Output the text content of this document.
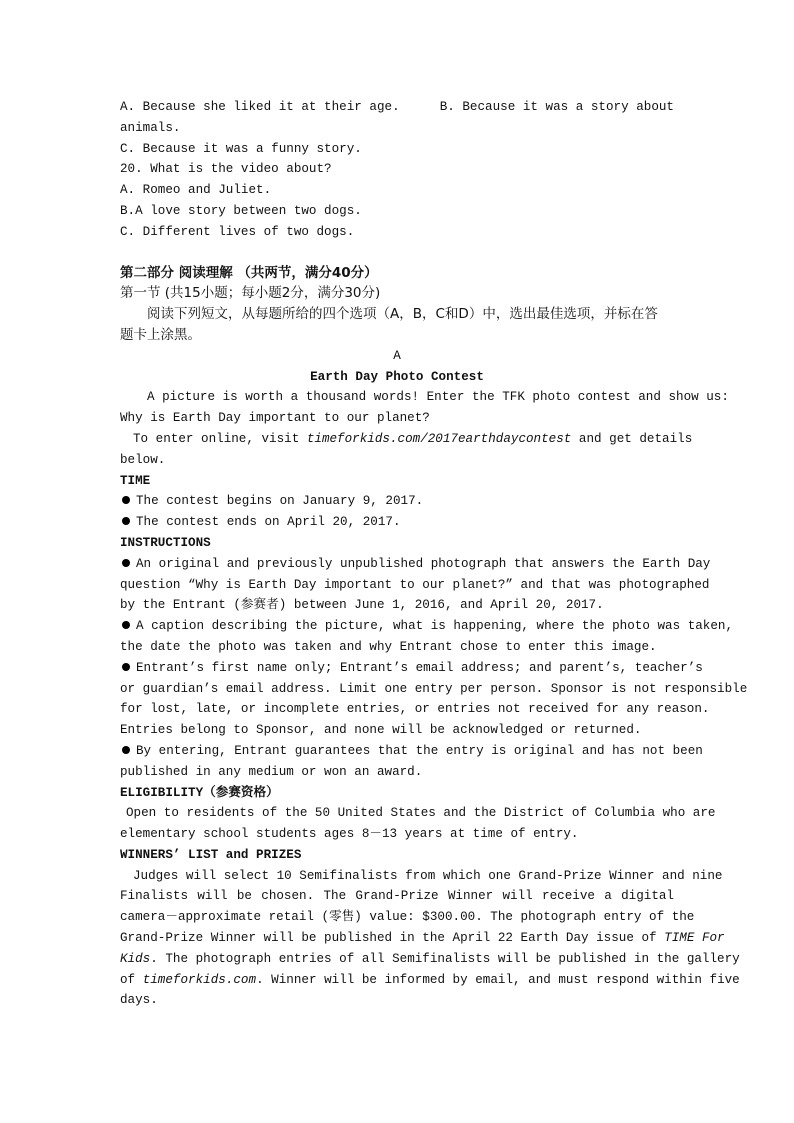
A. Because she liked it at their age.	B. Because it was a story about
animals.
C. Because it was a funny story.
20. What is the video about?
A. Romeo and Juliet.
B.A love story between two dogs.
C. Different lives of two dogs.
第二部分 阅读理解 （共两节，满分40分）
第一节 (共15小题；每小题2分，满分30分)
阅读下列短文，从每题所给的四个选项（A，B，C和D）中，选出最佳选项，并标在答
题卡上涂黑。
A
Earth Day Photo Contest
A picture is worth a thousand words! Enter the TFK photo contest and show us:
Why is Earth Day important to our planet?
To enter online, visit timeforkids.com/2017earthdaycontest and get details
below.
TIME
The contest begins on January 9, 2017.
The contest ends on April 20, 2017.
INSTRUCTIONS
An original and previously unpublished photograph that answers the Earth Day
question “Why is Earth Day important to our planet?” and that was photographed
by the Entrant (参赛者) between June 1, 2016, and April 20, 2017.
A caption describing the picture, what is happening, where the photo was taken,
the date the photo was taken and why Entrant chose to enter this image.
Entrant’s first name only; Entrant’s email address; and parent’s, teacher’s
or guardian’s email address. Limit one entry per person. Sponsor is not responsible
for lost, late, or incomplete entries, or entries not received for any reason.
Entries belong to Sponsor, and none will be acknowledged or returned.
By entering, Entrant guarantees that the entry is original and has not been
published in any medium or won an award.
ELIGIBILITY（参赛资格）
Open to residents of the 50 United States and the District of Columbia who are
elementary school students ages 8－13 years at time of entry.
WINNERS’ LIST and PRIZES
Judges will select 10 Semifinalists from which one Grand-Prize Winner and nine
Finalists will be chosen. The Grand-Prize Winner will receive a digital
camera－approximate retail (零售) value: $300.00. The photograph entry of the
Grand-Prize Winner will be published in the April 22 Earth Day issue of TIME For
Kids. The photograph entries of all Semifinalists will be published in the gallery
of timeforkids.com. Winner will be informed by email, and must respond within five
days.
